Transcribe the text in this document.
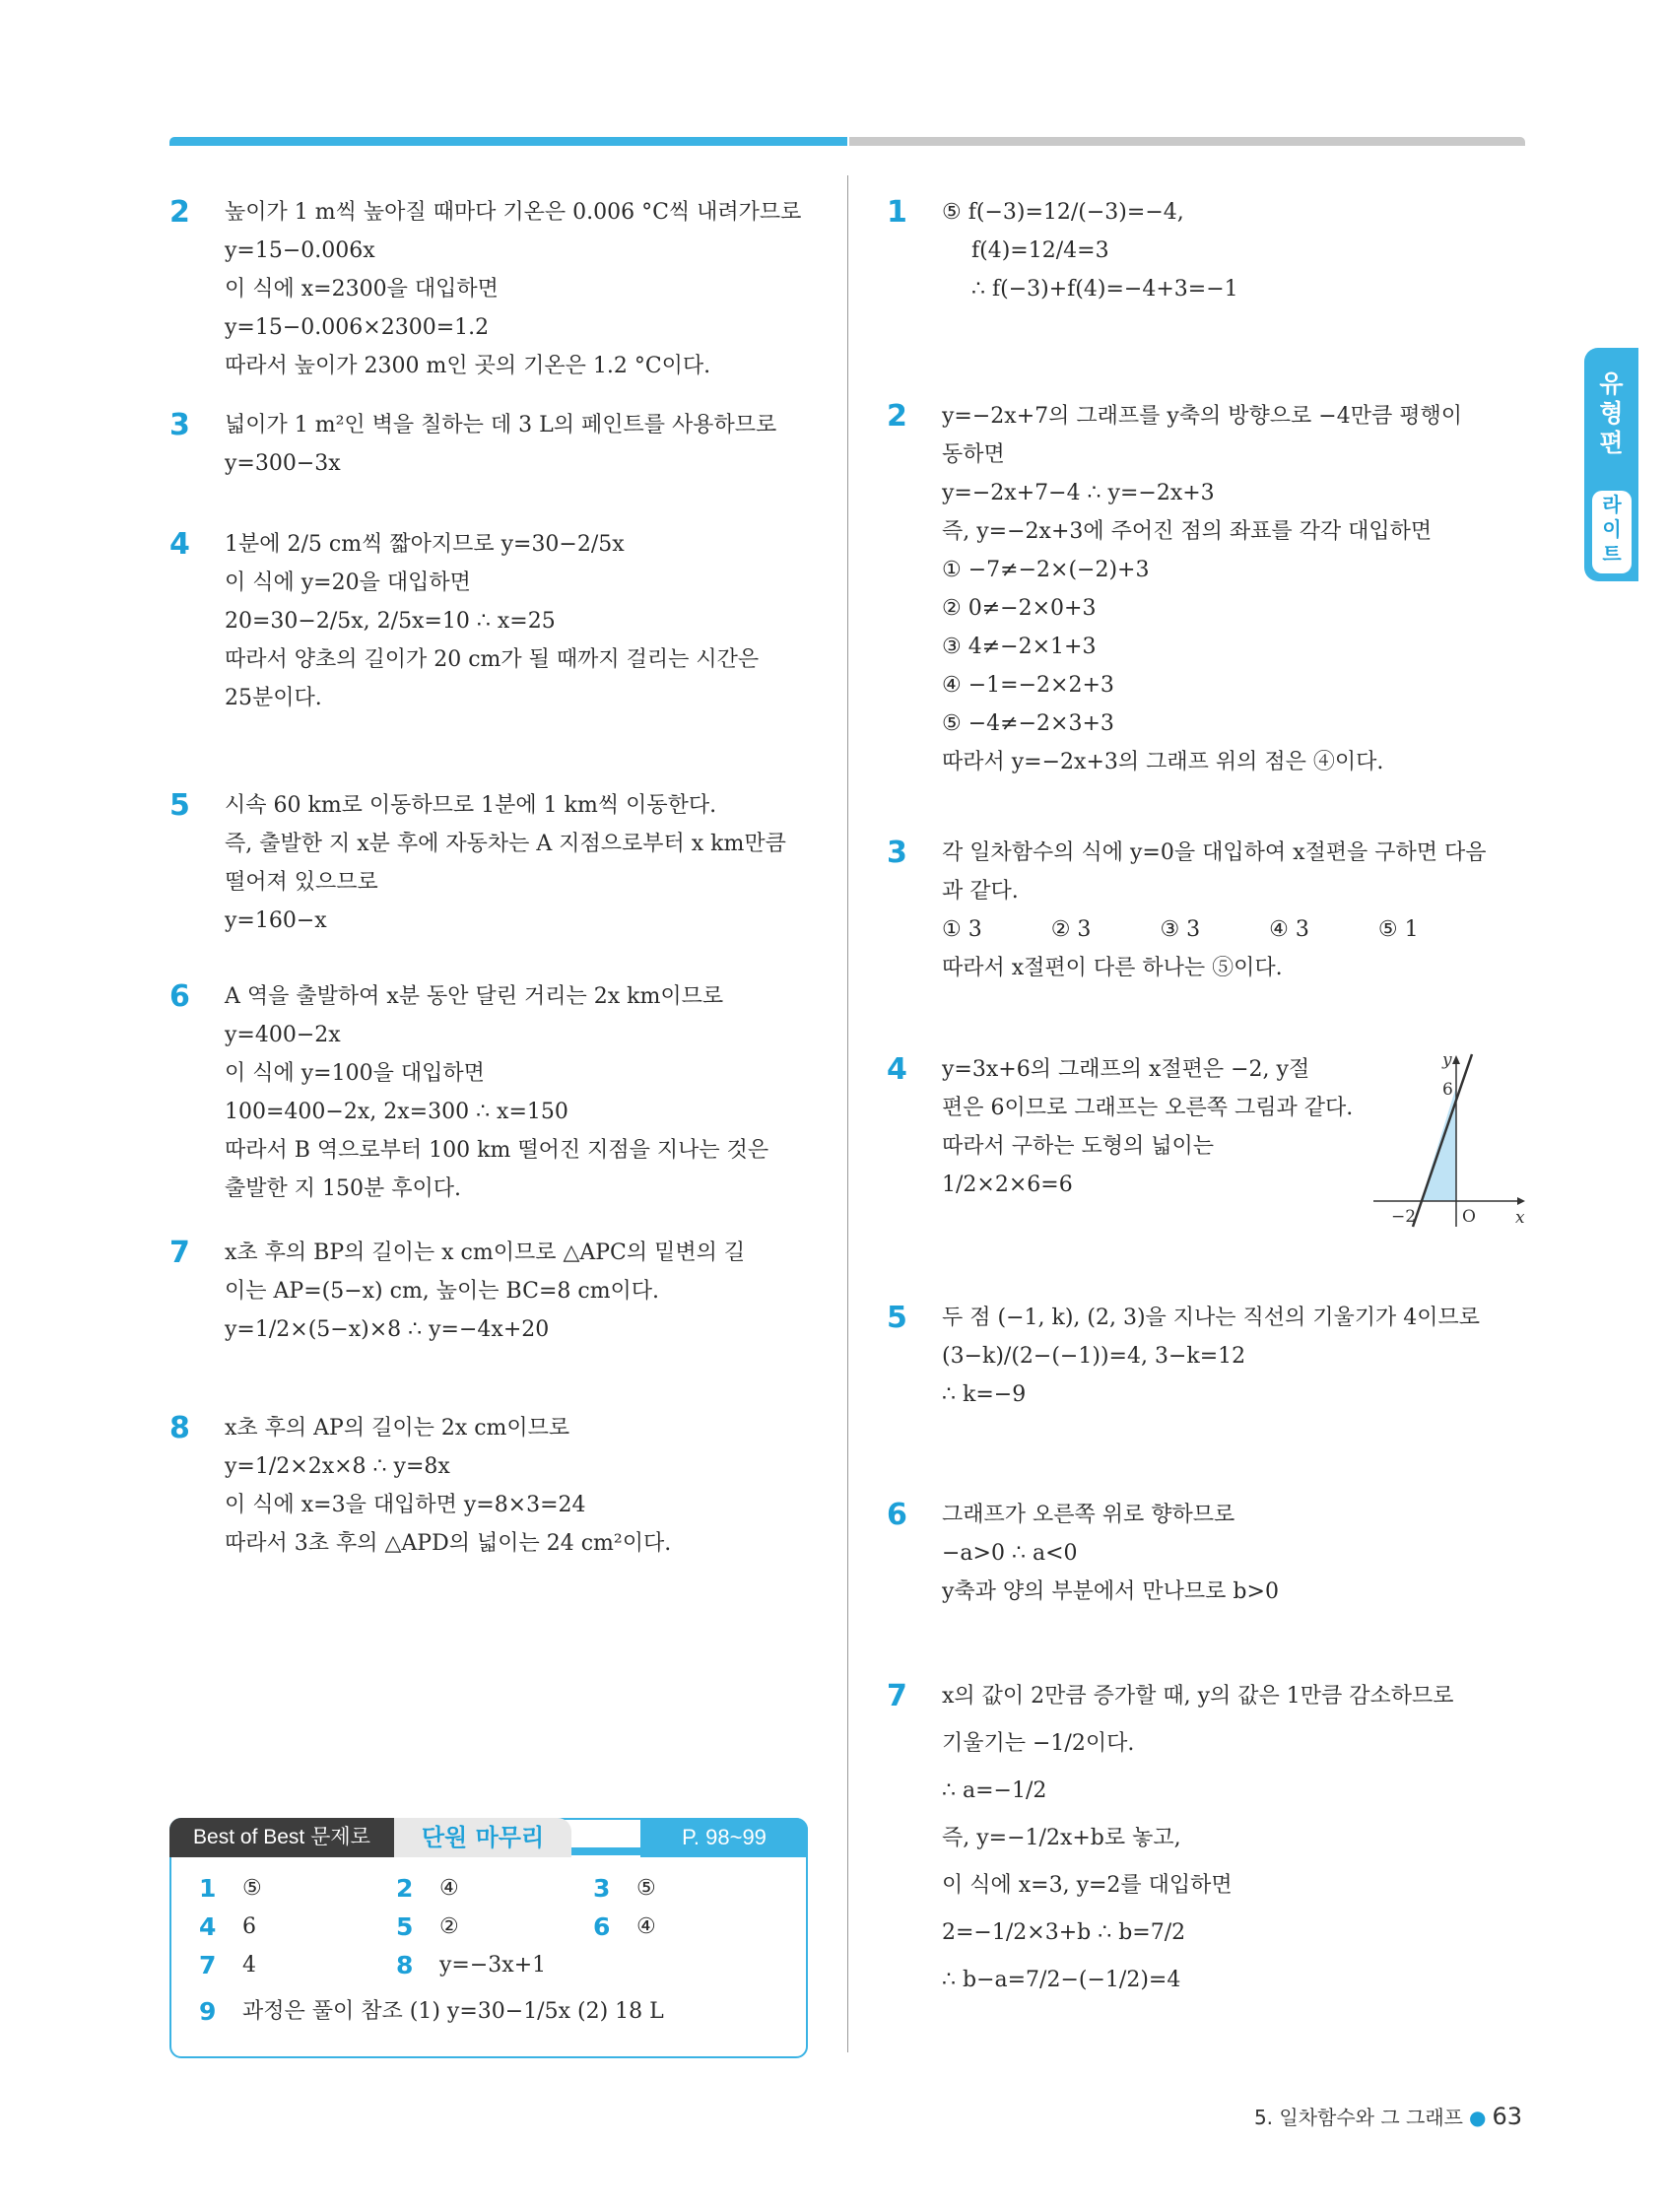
2 높이가 1 m씩 높아질 때마다 기온은 0.006 °C씩 내려가므로
y=15−0.006x
이 식에 x=2300을 대입하면
y=15−0.006×2300=1.2
따라서 높이가 2300 m인 곳의 기온은 1.2 °C이다.
3 넓이가 1 m²인 벽을 칠하는 데 3 L의 페인트를 사용하므로
y=300−3x
4 1분에 2/5 cm씩 짧아지므로 y=30−2/5x
이 식에 y=20을 대입하면
20=30−2/5x, 2/5x=10 ∴ x=25
따라서 양초의 길이가 20 cm가 될 때까지 걸리는 시간은
25분이다.
5 시속 60 km로 이동하므로 1분에 1 km씩 이동한다.
즉, 출발한 지 x분 후에 자동차는 A 지점으로부터 x km만큼
떨어져 있으므로
y=160−x
6 A 역을 출발하여 x분 동안 달린 거리는 2x km이므로
y=400−2x
이 식에 y=100을 대입하면
100=400−2x, 2x=300 ∴ x=150
따라서 B 역으로부터 100 km 떨어진 지점을 지나는 것은
출발한 지 150분 후이다.
7 x초 후의 BP의 길이는 x cm이므로 △APC의 밑변의 길
이는 AP=(5−x) cm, 높이는 BC=8 cm이다.
y=1/2×(5−x)×8 ∴ y=−4x+20
8 x초 후의 AP의 길이는 2x cm이므로
y=1/2×2x×8 ∴ y=8x
이 식에 x=3을 대입하면 y=8×3=24
따라서 3초 후의 △APD의 넓이는 24 cm²이다.
Best of Best 문제로	단원 마무리	P. 98~99
1 ⑤	2 ④	3 ⑤
4 6	5 ②	6 ④
7 4	8 y=−3x+1
9 과정은 풀이 참조 (1) y=30−1/5x (2) 18 L
1 ⑤ f(−3)=12/(−3)=−4,
f(4)=12/4=3
∴ f(−3)+f(4)=−4+3=−1
2 y=−2x+7의 그래프를 y축의 방향으로 −4만큼 평행이
동하면
y=−2x+7−4 ∴ y=−2x+3
즉, y=−2x+3에 주어진 점의 좌표를 각각 대입하면
① −7≠−2×(−2)+3
② 0≠−2×0+3
③ 4≠−2×1+3
④ −1=−2×2+3
⑤ −4≠−2×3+3
따라서 y=−2x+3의 그래프 위의 점은 ④이다.
3 각 일차함수의 식에 y=0을 대입하여 x절편을 구하면 다음
과 같다.
① 3	② 3	③ 3	④ 3	⑤ 1
따라서 x절편이 다른 하나는 ⑤이다.
4 y=3x+6의 그래프의 x절편은 −2, y절
편은 6이므로 그래프는 오른쪽 그림과 같다.
따라서 구하는 도형의 넓이는
1/2×2×6=6
5 두 점 (−1, k), (2, 3)을 지나는 직선의 기울기가 4이므로
(3−k)/(2−(−1))=4, 3−k=12
∴ k=−9
6 그래프가 오른쪽 위로 향하므로
−a>0 ∴ a<0
y축과 양의 부분에서 만나므로 b>0
7 x의 값이 2만큼 증가할 때, y의 값은 1만큼 감소하므로
기울기는 −1/2이다.
∴ a=−1/2
즉, y=−1/2x+b로 놓고,
이 식에 x=3, y=2를 대입하면
2=−1/2×3+b ∴ b=7/2
∴ b−a=7/2−(−1/2)=4
y
x
O
−2
6
유
형
편
라
이
트
5. 일차함수와 그 그래프 ● 63
